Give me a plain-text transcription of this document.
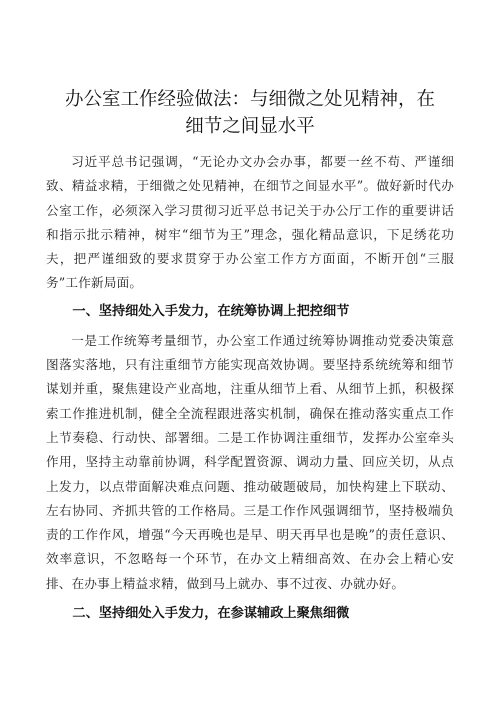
办公室工作经验做法：与细微之处见精神，在
细节之间显水平

习近平总书记强调，“无论办文办会办事，都要一丝不苟、严谨细致、精益求精，于细微之处见精神，在细节之间显水平”。做好新时代办公室工作，必须深入学习贯彻习近平总书记关于办公厅工作的重要讲话和指示批示精神，树牢“细节为王”理念，强化精品意识，下足绣花功夫，把严谨细致的要求贯穿于办公室工作方方面面，不断开创“三服务”工作新局面。

一、坚持细处入手发力，在统筹协调上把控细节

一是工作统筹考量细节，办公室工作通过统筹协调推动党委决策意图落实落地，只有注重细节方能实现高效协调。要坚持系统统筹和细节谋划并重，聚焦建设产业高地，注重从细节上看、从细节上抓，积极探索工作推进机制，健全全流程跟进落实机制，确保在推动落实重点工作上节奏稳、行动快、部署细。二是工作协调注重细节，发挥办公室牵头作用，坚持主动靠前协调，科学配置资源、调动力量、回应关切，从点上发力，以点带面解决难点问题、推动破题破局，加快构建上下联动、左右协同、齐抓共管的工作格局。三是工作作风强调细节，坚持极端负责的工作作风，增强“今天再晚也是早、明天再早也是晚”的责任意识、效率意识，不忽略每一个环节，在办文上精细高效、在办会上精心安排、在办事上精益求精，做到马上就办、事不过夜、办就办好。

二、坚持细处入手发力，在参谋辅政上聚焦细微
